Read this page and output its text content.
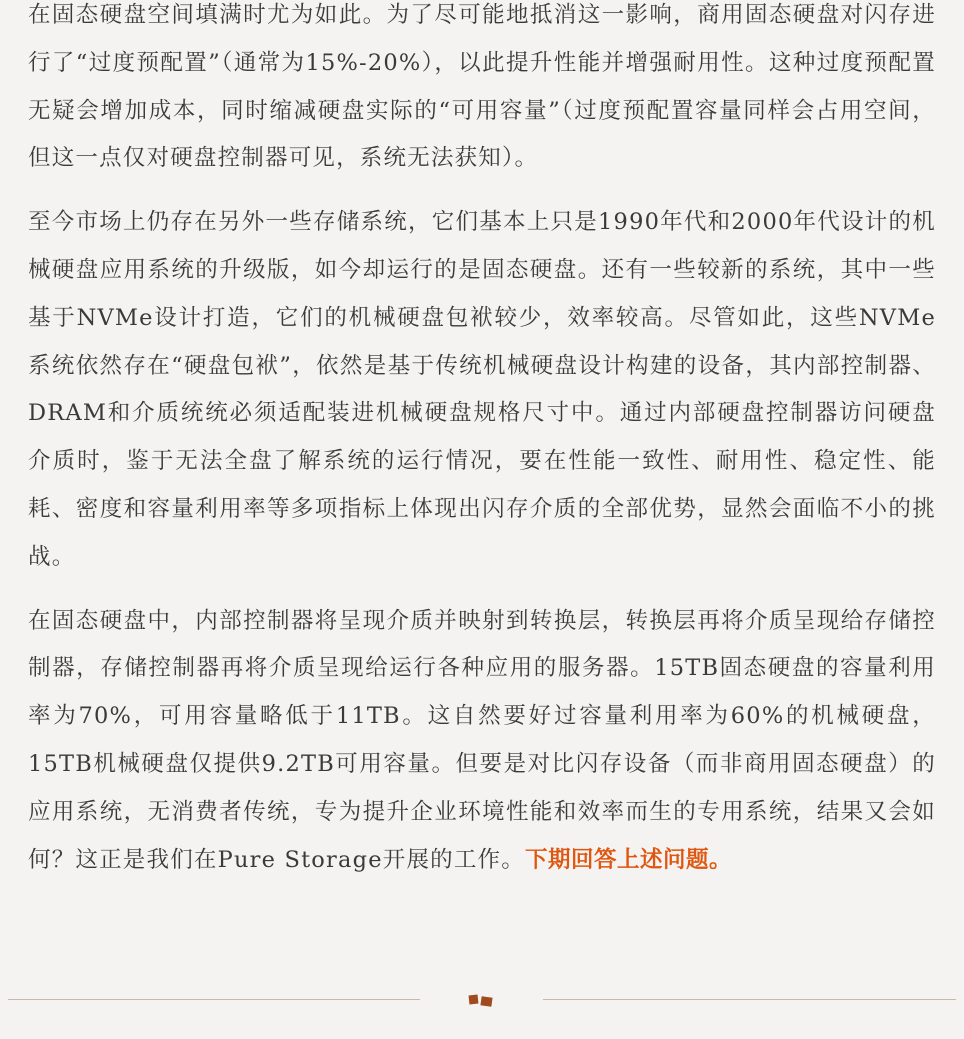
在固态硬盘空间填满时尤为如此。为了尽可能地抵消这一影响，商用固态硬盘对闪存进行了“过度预配置”（通常为15%-20%），以此提升性能并增强耐用性。这种过度预配置无疑会增加成本，同时缩减硬盘实际的“可用容量”（过度预配置容量同样会占用空间，但这一点仅对硬盘控制器可见，系统无法获知）。

至今市场上仍存在另外一些存储系统，它们基本上只是1990年代和2000年代设计的机械硬盘应用系统的升级版，如今却运行的是固态硬盘。还有一些较新的系统，其中一些基于NVMe设计打造，它们的机械硬盘包袱较少，效率较高。尽管如此，这些NVMe系统依然存在“硬盘包袱”，依然是基于传统机械硬盘设计构建的设备，其内部控制器、DRAM和介质统统必须适配装进机械硬盘规格尺寸中。通过内部硬盘控制器访问硬盘介质时，鉴于无法全盘了解系统的运行情况，要在性能一致性、耐用性、稳定性、能耗、密度和容量利用率等多项指标上体现出闪存介质的全部优势，显然会面临不小的挑战。

在固态硬盘中，内部控制器将呈现介质并映射到转换层，转换层再将介质呈现给存储控制器，存储控制器再将介质呈现给运行各种应用的服务器。15TB固态硬盘的容量利用率为70%，可用容量略低于11TB。这自然要好过容量利用率为60%的机械硬盘，15TB机械硬盘仅提供9.2TB可用容量。但要是对比闪存设备（而非商用固态硬盘）的应用系统，无消费者传统，专为提升企业环境性能和效率而生的专用系统，结果又会如何？这正是我们在Pure Storage开展的工作。下期回答上述问题。
